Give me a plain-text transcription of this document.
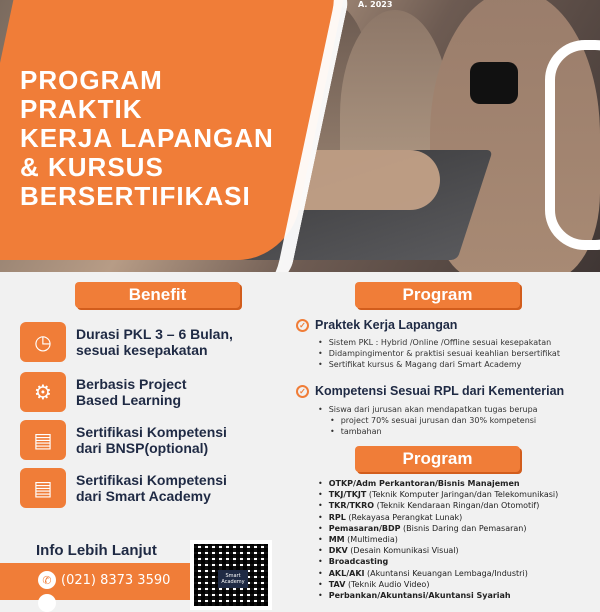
A. 2023
PROGRAM
PRAKTIK
KERJA LAPANGAN
& KURSUS
BERSERTIFIKASI
Benefit
◷	Durasi PKL 3 – 6 Bulan,
sesuai kesepakatan
⚙	Berbasis Project
Based Learning
▤	Sertifikasi Kompetensi
dari BNSP(optional)
▤	Sertifikasi Kompetensi
dari Smart Academy
Program
✓ Praktek Kerja Lapangan
• Sistem PKL : Hybrid /Online /Offline sesuai kesepakatan
• Didampingimentor & praktisi sesuai keahlian bersertifikat
• Sertifikat kursus & Magang dari Smart Academy
✓ Kompetensi Sesuai RPL dari Kementerian
• Siswa dari jurusan akan mendapatkan tugas berupa
• project 70% sesuai jurusan dan 30% kompetensi
• tambahan
Program
• OTKP/Adm Perkantoran/Bisnis Manajemen
• TKJ/TKJT (Teknik Komputer Jaringan/dan Telekomunikasi)
• TKR/TKRO (Teknik Kendaraan Ringan/dan Otomotif)
• RPL (Rekayasa Perangkat Lunak)
• Pemasaran/BDP (Bisnis Daring dan Pemasaran)
• MM (Multimedia)
• DKV (Desain Komunikasi Visual)
• Broadcasting
• AKL/AKI (Akuntansi Keuangan Lembaga/Industri)
• TAV (Teknik Audio Video)
• Perbankan/Akuntansi/Akuntansi Syariah
Info Lebih Lanjut
✆ (021) 8373 3590	Smart Academy
